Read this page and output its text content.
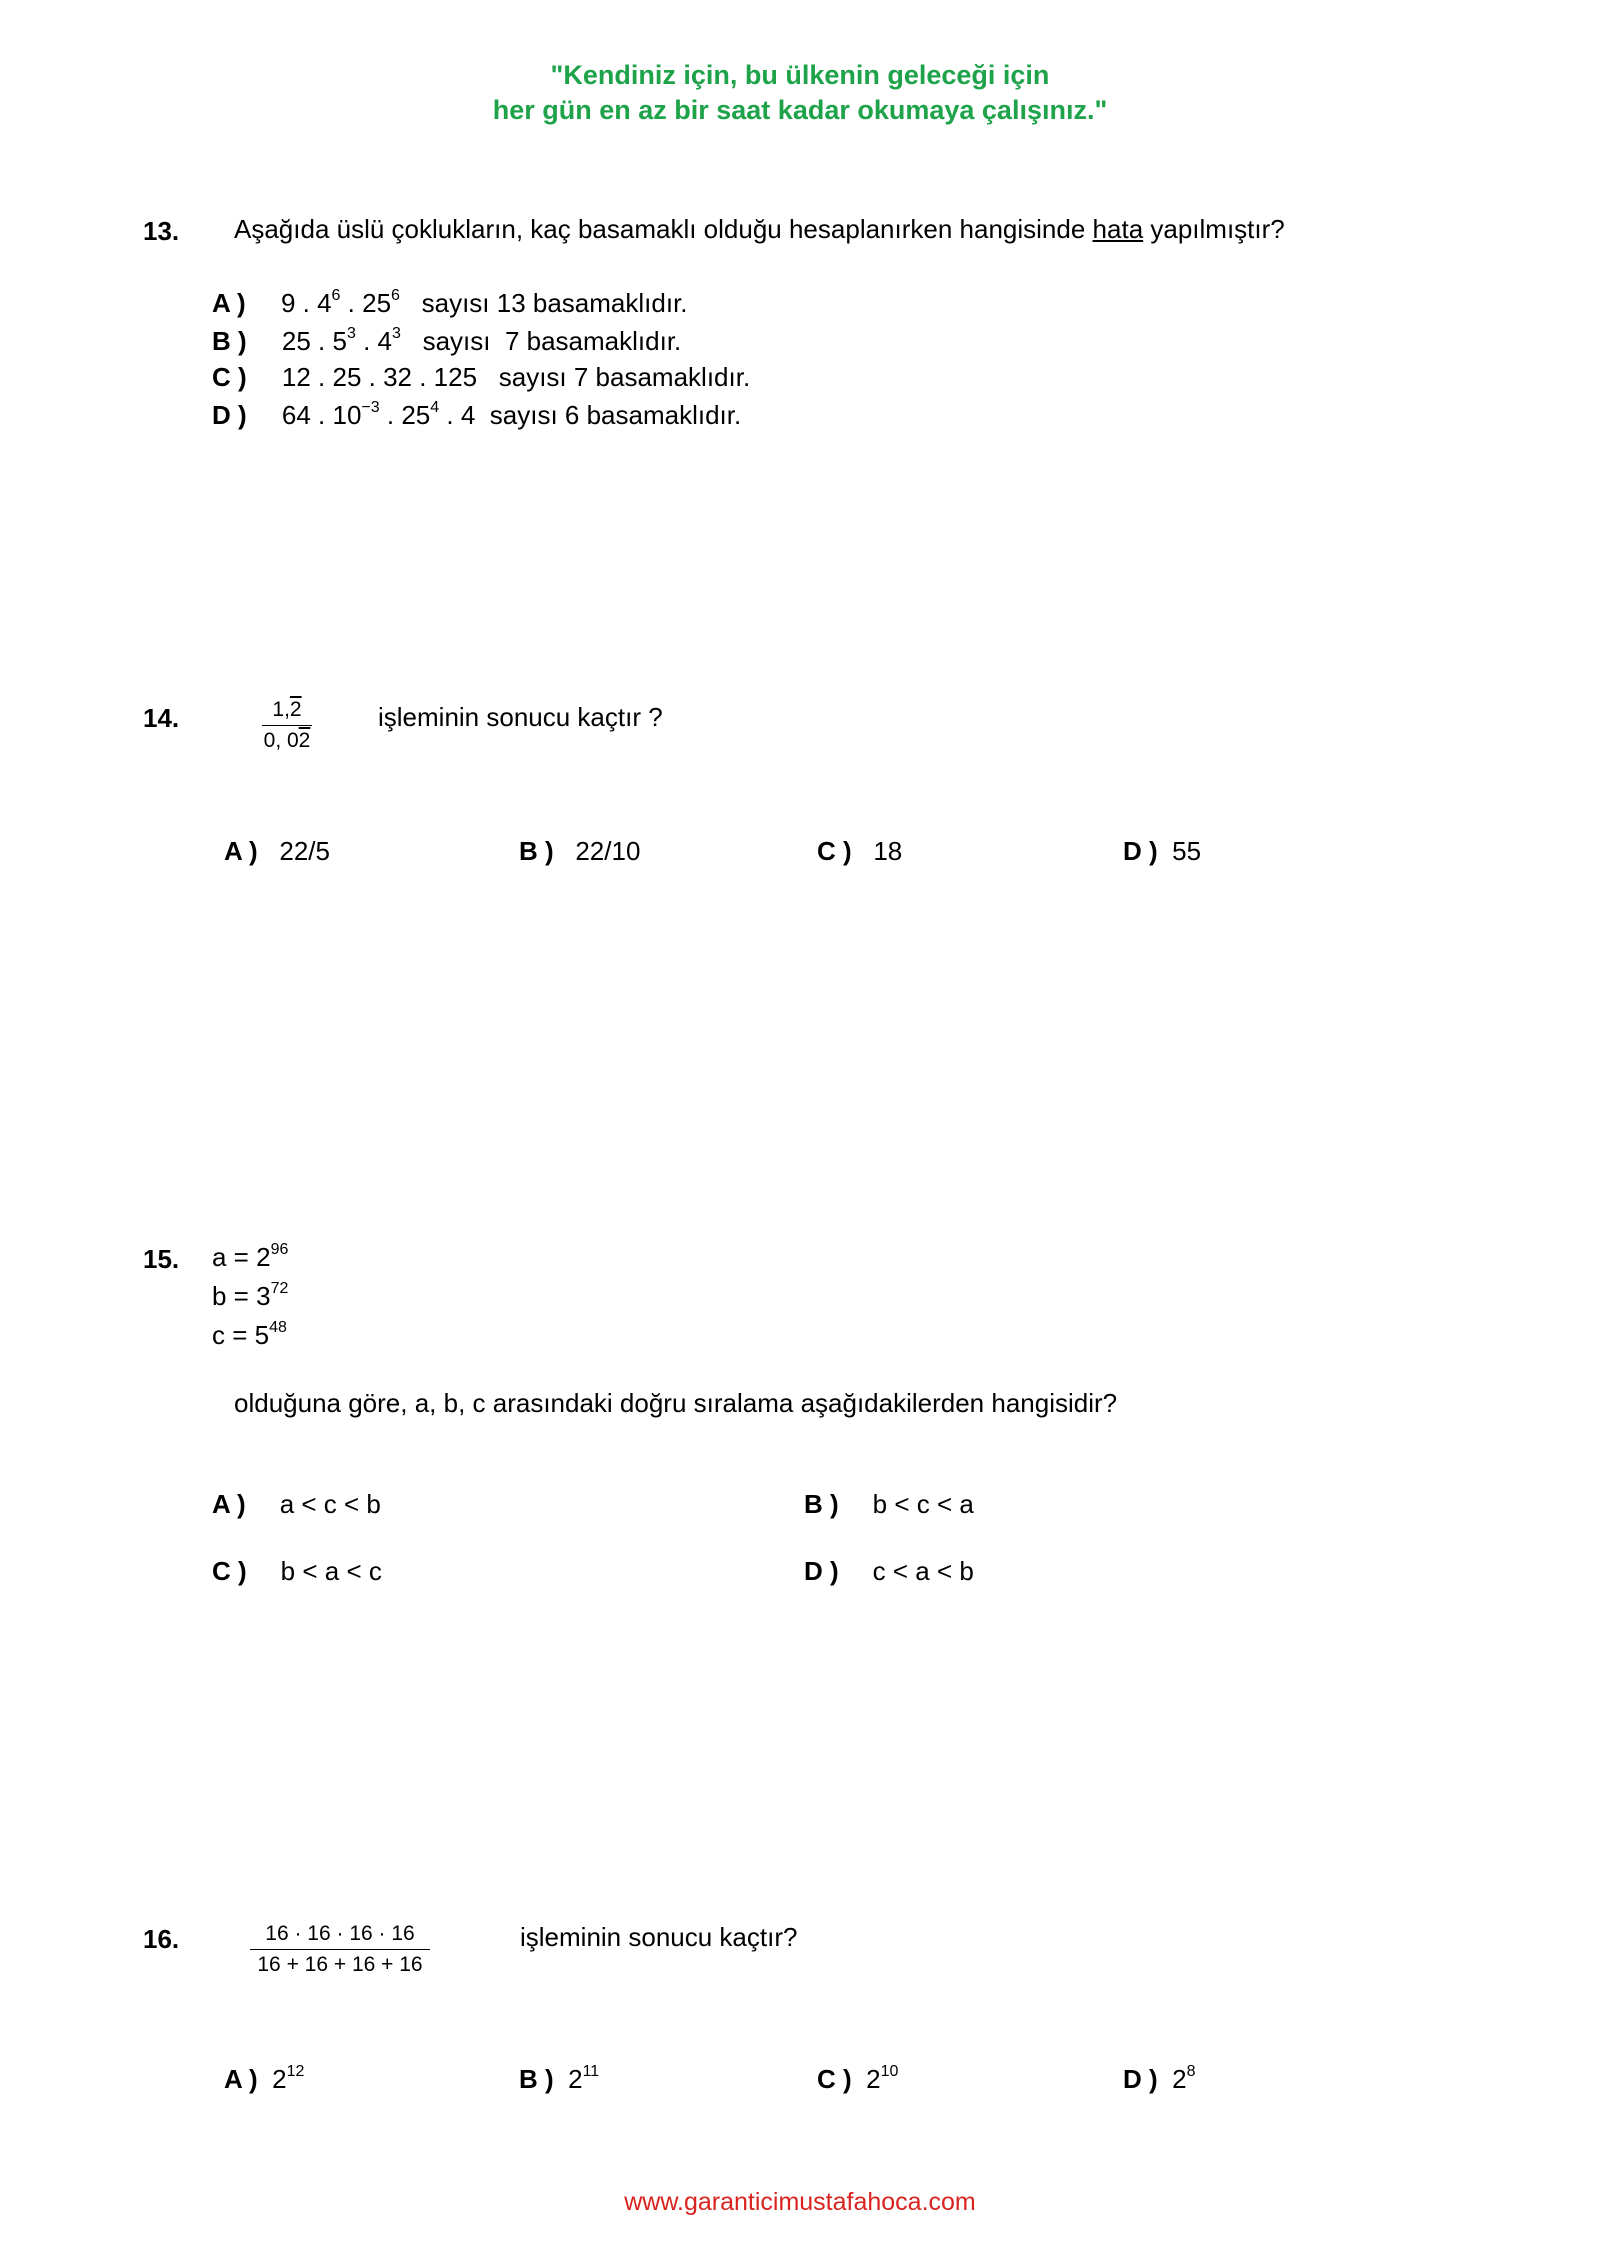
"Kendiniz için, bu ülkenin geleceği için
her gün en az bir saat kadar okumaya çalışınız."
13. Aşağıda üslü çoklukların, kaç basamaklı olduğu hesaplanırken hangisinde hata yapılmıştır?
A ) 9 . $4^6$ . $25^6$   sayısı 13 basamaklıdır.
B ) 25 . $5^3$ . $4^3$   sayısı  7 basamaklıdır.
C ) 12 . 25 . 32 . 125   sayısı 7 basamaklıdır.
D ) 64 . $10^{-3}$ . $25^4$ . 4  sayısı 6 basamaklıdır.
14.	1,2
0, 02
işleminin sonucu kaçtır ?
A ) 22/5	B ) 22/10	C ) 18	D ) 55
15. $a = 2^{96}$
$b = 3^{72}$
$c = 5^{48}$
olduğuna göre, a, b, c arasındaki doğru sıralama aşağıdakilerden hangisidir?
A ) a < c < b	B ) b < c < a
C ) b < a < c	D ) c < a < b
16.	16 · 16 · 16 · 16
16 + 16 + 16 + 16
işleminin sonucu kaçtır?
A ) $2^{12}$	B ) $2^{11}$	C ) $2^{10}$	D ) $2^8$
www.garanticimustafahoca.com
